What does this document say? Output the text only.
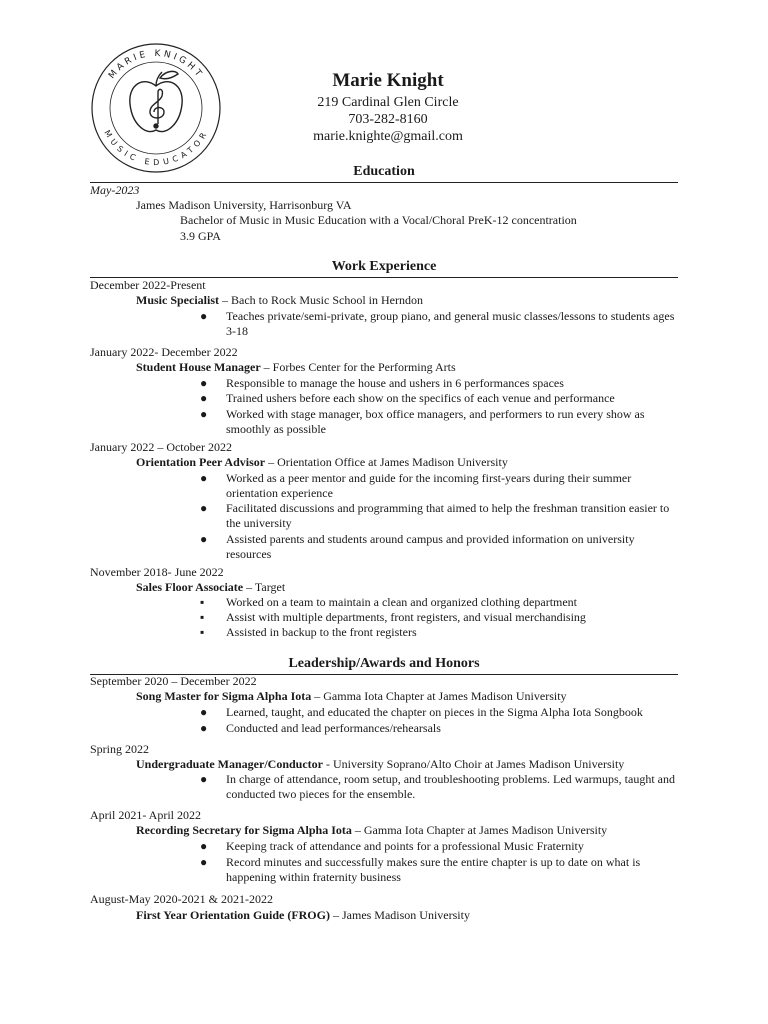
MARIE KNIGHT
MUSIC EDUCATOR
Marie Knight
219 Cardinal Glen Circle
703-282-8160
marie.knighte@gmail.com
Education
May-2023
James Madison University, Harrisonburg VA
Bachelor of Music in Music Education with a Vocal/Choral PreK-12 concentration
3.9 GPA
Work Experience
December 2022-Present
Music Specialist – Bach to Rock Music School in Herndon
● Teaches private/semi-private, group piano, and general music classes/lessons to students ages 3-18
January 2022- December 2022
Student House Manager – Forbes Center for the Performing Arts
● Responsible to manage the house and ushers in 6 performances spaces
● Trained ushers before each show on the specifics of each venue and performance
● Worked with stage manager, box office managers, and performers to run every show as smoothly as possible
January 2022 – October 2022
Orientation Peer Advisor – Orientation Office at James Madison University
● Worked as a peer mentor and guide for the incoming first-years during their summer orientation experience
● Facilitated discussions and programming that aimed to help the freshman transition easier to the university
● Assisted parents and students around campus and provided information on university resources
November 2018- June 2022
Sales Floor Associate – Target
▪	Worked on a team to maintain a clean and organized clothing department
▪	Assist with multiple departments, front registers, and visual merchandising
▪	Assisted in backup to the front registers
Leadership/Awards and Honors
September 2020 – December 2022
Song Master for Sigma Alpha Iota – Gamma Iota Chapter at James Madison University
● Learned, taught, and educated the chapter on pieces in the Sigma Alpha Iota Songbook
● Conducted and lead performances/rehearsals
Spring 2022
Undergraduate Manager/Conductor - University Soprano/Alto Choir at James Madison University
● In charge of attendance, room setup, and troubleshooting problems. Led warmups, taught and conducted two pieces for the ensemble.
April 2021- April 2022
Recording Secretary for Sigma Alpha Iota – Gamma Iota Chapter at James Madison University
● Keeping track of attendance and points for a professional Music Fraternity
● Record minutes and successfully makes sure the entire chapter is up to date on what is happening within fraternity business
August-May 2020-2021 & 2021-2022
First Year Orientation Guide (FROG) – James Madison University
